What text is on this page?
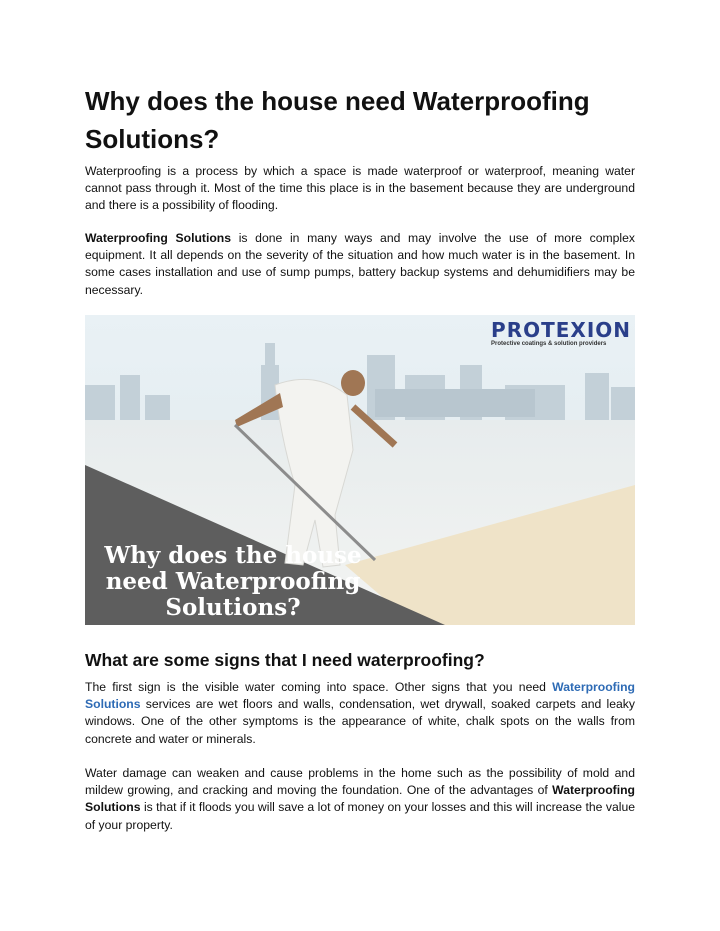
Why does the house need Waterproofing Solutions?

Waterproofing is a process by which a space is made waterproof or waterproof, meaning water cannot pass through it. Most of the time this place is in the basement because they are underground and there is a possibility of flooding.

Waterproofing Solutions is done in many ways and may involve the use of more complex equipment. It all depends on the severity of the situation and how much water is in the basement. In some cases installation and use of sump pumps, battery backup systems and dehumidifiers may be necessary.

PROTEXION
Protective coatings & solution providers
Why does the house need Waterproofing Solutions?
What are some signs that I need waterproofing?

The first sign is the visible water coming into space. Other signs that you need Waterproofing Solutions services are wet floors and walls, condensation, wet drywall, soaked carpets and leaky windows. One of the other symptoms is the appearance of white, chalk spots on the walls from concrete and water or minerals.

Water damage can weaken and cause problems in the home such as the possibility of mold and mildew growing, and cracking and moving the foundation. One of the advantages of Waterproofing Solutions is that if it floods you will save a lot of money on your losses and this will increase the value of your property.
